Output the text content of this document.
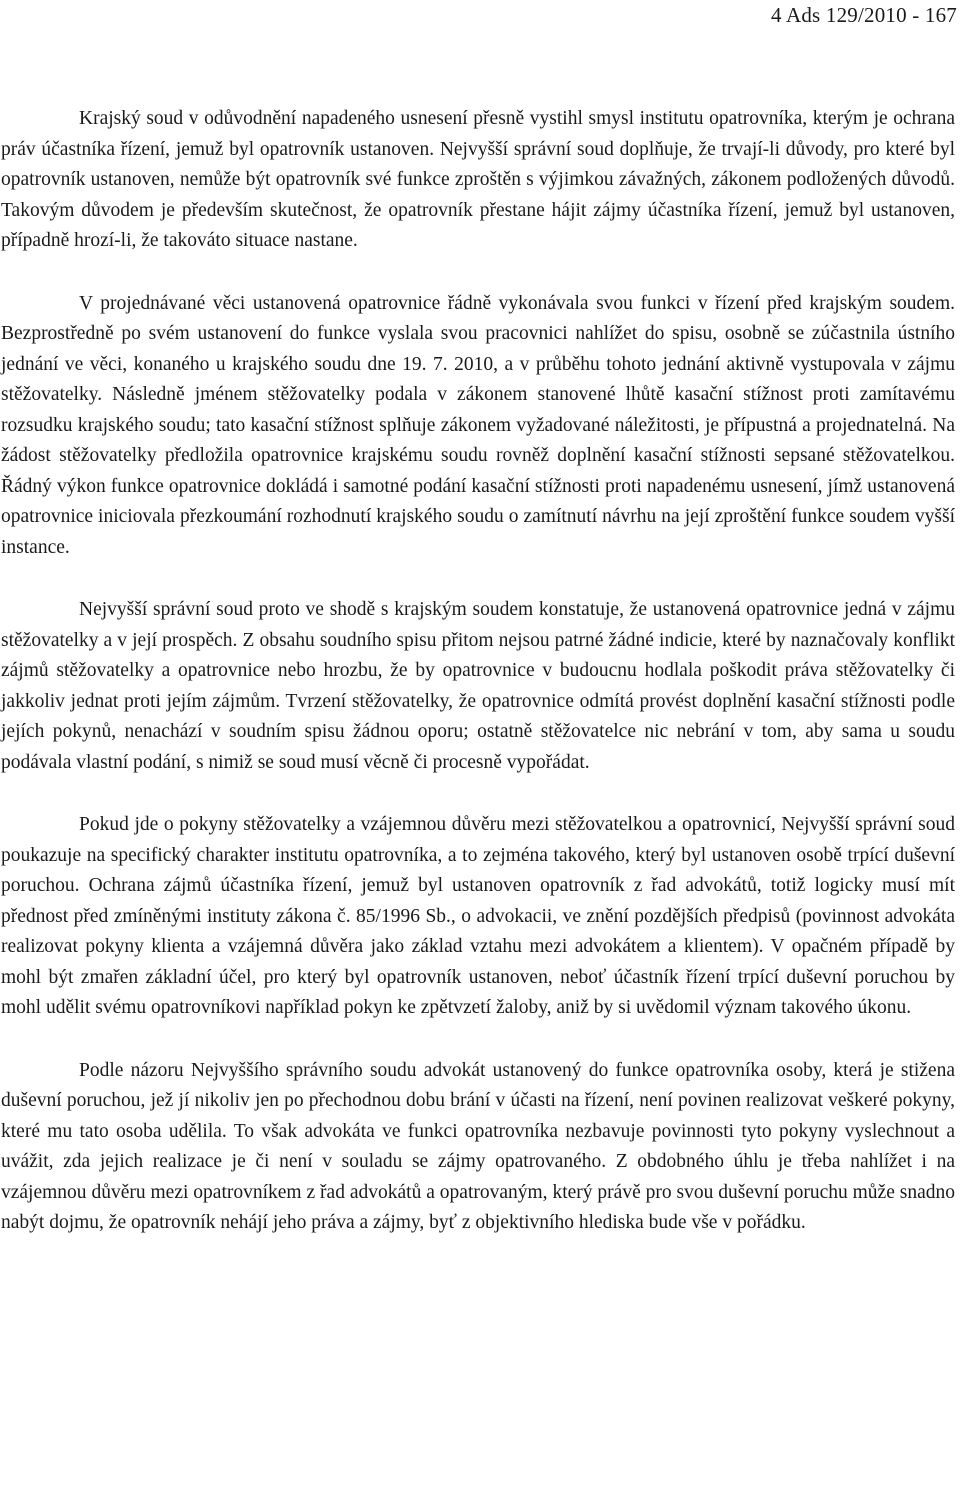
4 Ads 129/2010 - 167

Krajský soud v odůvodnění napadeného usnesení přesně vystihl smysl institutu opatrovníka, kterým je ochrana práv účastníka řízení, jemuž byl opatrovník ustanoven. Nejvyšší správní soud doplňuje, že trvají-li důvody, pro které byl opatrovník ustanoven, nemůže být opatrovník své funkce zproštěn s výjimkou závažných, zákonem podložených důvodů. Takovým důvodem je především skutečnost, že opatrovník přestane hájit zájmy účastníka řízení, jemuž byl ustanoven, případně hrozí-li, že takováto situace nastane.

V projednávané věci ustanovená opatrovnice řádně vykonávala svou funkci v řízení před krajským soudem. Bezprostředně po svém ustanovení do funkce vyslala svou pracovnici nahlížet do spisu, osobně se zúčastnila ústního jednání ve věci, konaného u krajského soudu dne 19. 7. 2010, a v průběhu tohoto jednání aktivně vystupovala v zájmu stěžovatelky. Následně jménem stěžovatelky podala v zákonem stanovené lhůtě kasační stížnost proti zamítavému rozsudku krajského soudu; tato kasační stížnost splňuje zákonem vyžadované náležitosti, je přípustná a projednatelná. Na žádost stěžovatelky předložila opatrovnice krajskému soudu rovněž doplnění kasační stížnosti sepsané stěžovatelkou. Řádný výkon funkce opatrovnice dokládá i samotné podání kasační stížnosti proti napadenému usnesení, jímž ustanovená opatrovnice iniciovala přezkoumání rozhodnutí krajského soudu o zamítnutí návrhu na její zproštění funkce soudem vyšší instance.

Nejvyšší správní soud proto ve shodě s krajským soudem konstatuje, že ustanovená opatrovnice jedná v zájmu stěžovatelky a v její prospěch. Z obsahu soudního spisu přitom nejsou patrné žádné indicie, které by naznačovaly konflikt zájmů stěžovatelky a opatrovnice nebo hrozbu, že by opatrovnice v budoucnu hodlala poškodit práva stěžovatelky či jakkoliv jednat proti jejím zájmům. Tvrzení stěžovatelky, že opatrovnice odmítá provést doplnění kasační stížnosti podle jejích pokynů, nenachází v soudním spisu žádnou oporu; ostatně stěžovatelce nic nebrání v tom, aby sama u soudu podávala vlastní podání, s nimiž se soud musí věcně či procesně vypořádat.

Pokud jde o pokyny stěžovatelky a vzájemnou důvěru mezi stěžovatelkou a opatrovnicí, Nejvyšší správní soud poukazuje na specifický charakter institutu opatrovníka, a to zejména takového, který byl ustanoven osobě trpící duševní poruchou. Ochrana zájmů účastníka řízení, jemuž byl ustanoven opatrovník z řad advokátů, totiž logicky musí mít přednost před zmíněnými instituty zákona č. 85/1996 Sb., o advokacii, ve znění pozdějších předpisů (povinnost advokáta realizovat pokyny klienta a vzájemná důvěra jako základ vztahu mezi advokátem a klientem). V opačném případě by mohl být zmařen základní účel, pro který byl opatrovník ustanoven, neboť účastník řízení trpící duševní poruchou by mohl udělit svému opatrovníkovi například pokyn ke zpětvzetí žaloby, aniž by si uvědomil význam takového úkonu.

Podle názoru Nejvyššího správního soudu advokát ustanovený do funkce opatrovníka osoby, která je stižena duševní poruchou, jež jí nikoliv jen po přechodnou dobu brání v účasti na řízení, není povinen realizovat veškeré pokyny, které mu tato osoba udělila. To však advokáta ve funkci opatrovníka nezbavuje povinnosti tyto pokyny vyslechnout a uvážit, zda jejich realizace je či není v souladu se zájmy opatrovaného. Z obdobného úhlu je třeba nahlížet i na vzájemnou důvěru mezi opatrovníkem z řad advokátů a opatrovaným, který právě pro svou duševní poruchu může snadno nabýt dojmu, že opatrovník nehájí jeho práva a zájmy, byť z objektivního hlediska bude vše v pořádku.
